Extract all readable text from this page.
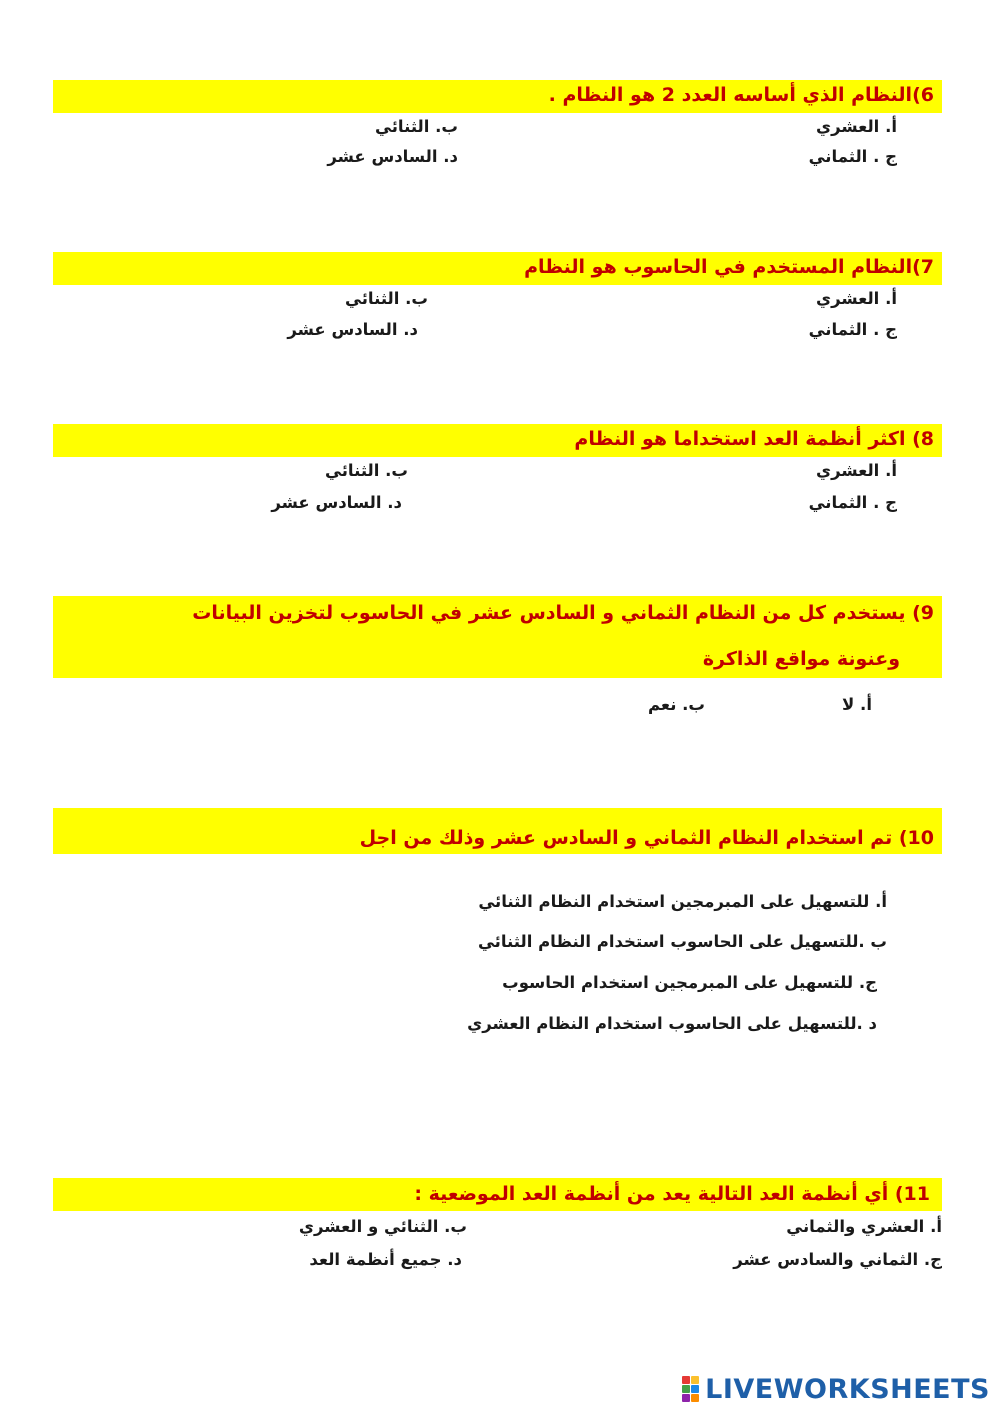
6)النظام الذي أساسه العدد 2 هو النظام .
أ. العشري
ب. الثنائي
ج . الثماني
د. السادس عشر
7)النظام المستخدم في الحاسوب هو النظام
أ. العشري
ب. الثنائي
ج . الثماني
د. السادس عشر
8) اكثر أنظمة العد استخداما هو النظام
أ. العشري
ب. الثنائي
ج . الثماني
د. السادس عشر
9) يستخدم كل من النظام الثماني و السادس عشر في الحاسوب لتخزين البيانات
وعنونة مواقع الذاكرة
أ. لا
ب. نعم
10) تم استخدام النظام الثماني و السادس عشر وذلك من اجل
أ. للتسهيل على المبرمجين استخدام النظام الثنائي
ب .للتسهيل على الحاسوب استخدام النظام الثنائي
ج. للتسهيل على المبرمجين استخدام الحاسوب
د .للتسهيل على الحاسوب استخدام النظام العشري
11) أي أنظمة العد التالية يعد من أنظمة العد الموضعية :
أ. العشري والثماني
ب. الثنائي و العشري
ج. الثماني والسادس عشر
د. جميع أنظمة العد
LIVEWORKSHEETS
